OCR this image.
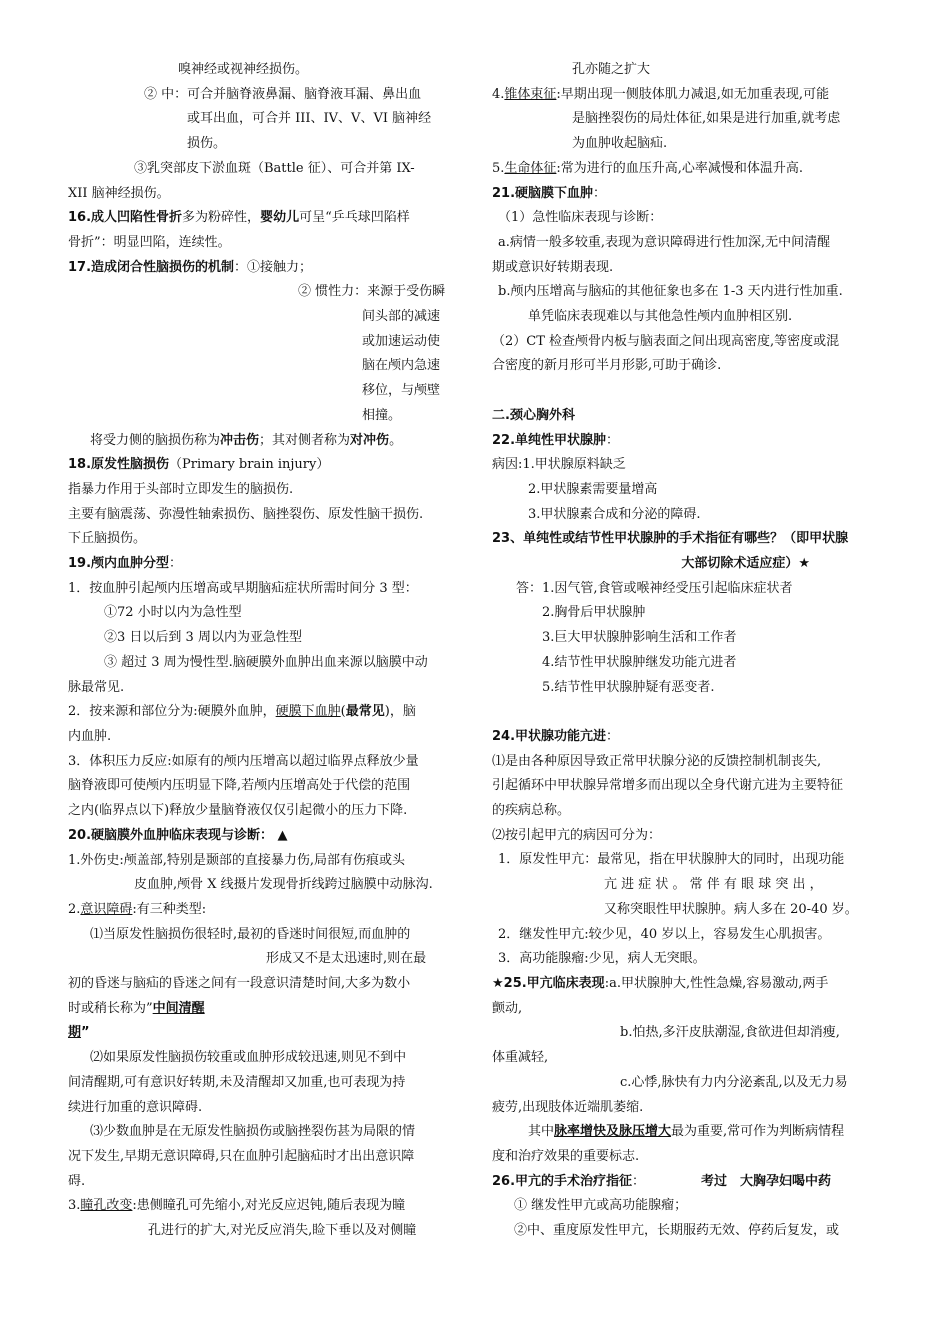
嗅神经或视神经损伤。

② 中：可合并脑脊液鼻漏、脑脊液耳漏、鼻出血

或耳出血，可合并 III、IV、V、VI 脑神经

损伤。

③乳突部皮下淤血斑（Battle 征）、可合并第 IX-

XII 脑神经损伤。

16.成人凹陷性骨折多为粉碎性，婴幼儿可呈“乒乓球凹陷样

骨折”：明显凹陷，连续性。

17.造成闭合性脑损伤的机制：①接触力；

② 惯性力：来源于受伤瞬

间头部的减速

或加速运动使

脑在颅内急速

移位，与颅壁

相撞。

将受力侧的脑损伤称为冲击伤；其对侧者称为对冲伤。

18.原发性脑损伤（Primary brain injury）

指暴力作用于头部时立即发生的脑损伤.

主要有脑震荡、弥漫性轴索损伤、脑挫裂伤、原发性脑干损伤.

下丘脑损伤。

19.颅内血肿分型：

1．按血肿引起颅内压增高或早期脑疝症状所需时间分 3 型：

①72 小时以内为急性型

②3 日以后到 3 周以内为亚急性型

③ 超过 3 周为慢性型.脑硬膜外血肿出血来源以脑膜中动

脉最常见.

2．按来源和部位分为:硬膜外血肿，硬膜下血肿(最常见)，脑

内血肿.

3．体积压力反应:如原有的颅内压增高以超过临界点释放少量

脑脊液即可使颅内压明显下降,若颅内压增高处于代偿的范围

之内(临界点以下)释放少量脑脊液仅仅引起微小的压力下降.

20.硬脑膜外血肿临床表现与诊断： ▲

1.外伤史:颅盖部,特别是颞部的直接暴力伤,局部有伤痕或头

皮血肿,颅骨 X 线摄片发现骨折线跨过脑膜中动脉沟.

2.意识障碍:有三种类型:

⑴当原发性脑损伤很轻时,最初的昏迷时间很短,而血肿的

形成又不是太迅速时,则在最

初的昏迷与脑疝的昏迷之间有一段意识清楚时间,大多为数小

时或稍长称为”中间清醒

期”

⑵如果原发性脑损伤较重或血肿形成较迅速,则见不到中

间清醒期,可有意识好转期,未及清醒却又加重,也可表现为持

续进行加重的意识障碍.

⑶少数血肿是在无原发性脑损伤或脑挫裂伤甚为局限的情

况下发生,早期无意识障碍,只在血肿引起脑疝时才出出意识障

碍.

3.瞳孔改变:患侧瞳孔可先缩小,对光反应迟钝,随后表现为瞳

孔进行的扩大,对光反应消失,睑下垂以及对侧瞳

孔亦随之扩大

4.锥体束征:早期出现一侧肢体肌力减退,如无加重表现,可能

是脑挫裂伤的局灶体征,如果是进行加重,就考虑

为血肿收起脑疝.

5.生命体征:常为进行的血压升高,心率减慢和体温升高.

21.硬脑膜下血肿：

（1）急性临床表现与诊断：

a.病情一般多较重,表现为意识障碍进行性加深,无中间清醒

期或意识好转期表现.

b.颅内压增高与脑疝的其他征象也多在 1-3 天内进行性加重.

单凭临床表现难以与其他急性颅内血肿相区别.

（2）CT 检查颅骨内板与脑表面之间出现高密度,等密度或混

合密度的新月形可半月形影,可助于确诊.

二.颈心胸外科

22.单纯性甲状腺肿：

病因:1.甲状腺原料缺乏

2.甲状腺素需要量增高

3.甲状腺素合成和分泌的障碍.

23、单纯性或结节性甲状腺肿的手术指征有哪些？（即甲状腺

大部切除术适应症）★

答：1.因气管,食管或喉神经受压引起临床症状者

2.胸骨后甲状腺肿

3.巨大甲状腺肿影响生活和工作者

4.结节性甲状腺肿继发功能亢进者

5.结节性甲状腺肿疑有恶变者.

24.甲状腺功能亢进：

⑴是由各种原因导致正常甲状腺分泌的反馈控制机制丧失,

引起循环中甲状腺异常增多而出现以全身代谢亢进为主要特征

的疾病总称。

⑵按引起甲亢的病因可分为：

1．原发性甲亢：最常见，指在甲状腺肿大的同时，出现功能

亢 进 症 状 。 常 伴 有 眼 球 突 出 ，

又称突眼性甲状腺肿。病人多在 20-40 岁。

2．继发性甲亢:较少见，40 岁以上，容易发生心肌损害。

3．高功能腺瘤:少见，病人无突眼。

★25.甲亢临床表现:a.甲状腺肿大,性性急燥,容易激动,两手

颤动,

b.怕热,多汗皮肤潮湿,食欲进但却消瘦,

体重减轻,

c.心悸,脉快有力内分泌紊乱,以及无力易

疲劳,出现肢体近端肌萎缩.

其中脉率增快及脉压增大最为重要,常可作为判断病情程

度和治疗效果的重要标志.

26.甲亢的手术治疗指征：	考过　大胸孕妇喝中药

① 继发性甲亢或高功能腺瘤；

②中、重度原发性甲亢，长期服药无效、停药后复发，或
